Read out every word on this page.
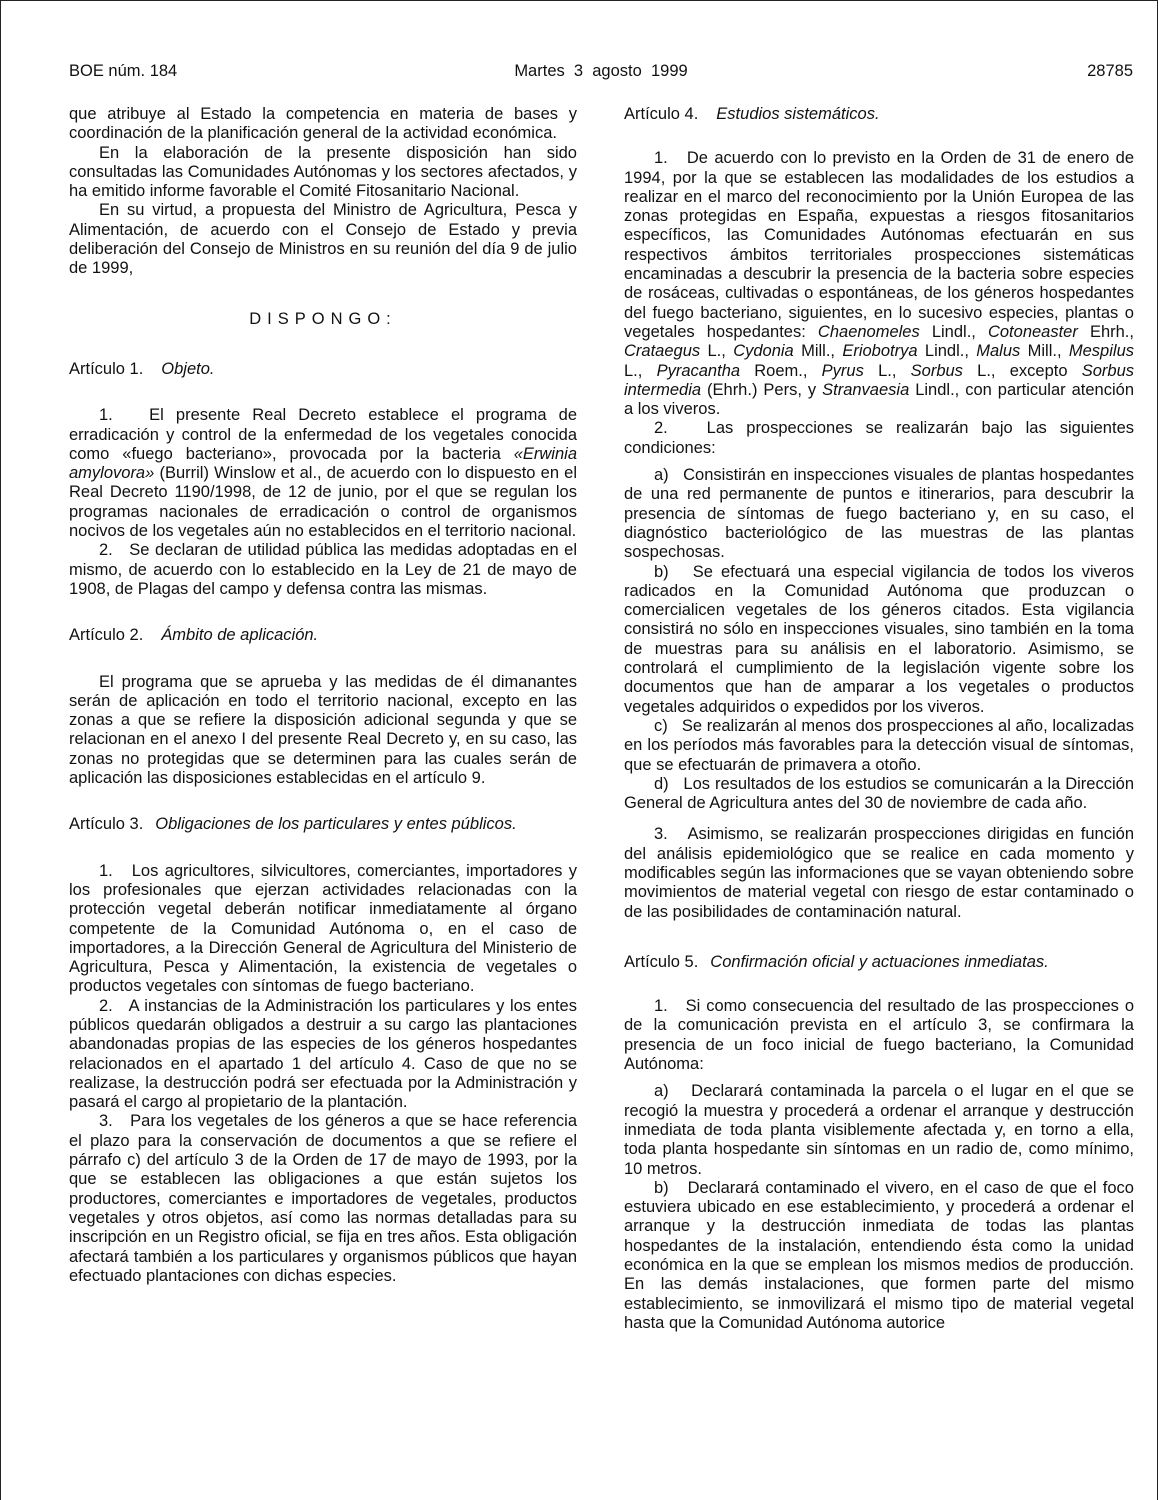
BOE núm. 184	Martes  3  agosto  1999	28785

que atribuye al Estado la competencia en materia de bases y coordinación de la planificación general de la actividad económica.

En la elaboración de la presente disposición han sido consultadas las Comunidades Autónomas y los sectores afectados, y ha emitido informe favorable el Comité Fitosanitario Nacional.

En su virtud, a propuesta del Ministro de Agricultura, Pesca y Alimentación, de acuerdo con el Consejo de Estado y previa deliberación del Consejo de Ministros en su reunión del día 9 de julio de 1999,

DISPONGO:

Artículo 1. Objeto.

1.   El presente Real Decreto establece el programa de erradicación y control de la enfermedad de los vegetales conocida como «fuego bacteriano», provocada por la bacteria «Erwinia amylovora» (Burril) Winslow et al., de acuerdo con lo dispuesto en el Real Decreto 1190/1998, de 12 de junio, por el que se regulan los programas nacionales de erradicación o control de organismos nocivos de los vegetales aún no establecidos en el territorio nacional.

2.   Se declaran de utilidad pública las medidas adoptadas en el mismo, de acuerdo con lo establecido en la Ley de 21 de mayo de 1908, de Plagas del campo y defensa contra las mismas.

Artículo 2. Ámbito de aplicación.

El programa que se aprueba y las medidas de él dimanantes serán de aplicación en todo el territorio nacional, excepto en las zonas a que se refiere la disposición adicional segunda y que se relacionan en el anexo I del presente Real Decreto y, en su caso, las zonas no protegidas que se determinen para las cuales serán de aplicación las disposiciones establecidas en el artículo 9.

Artículo 3. Obligaciones de los particulares y entes públicos.

1.   Los agricultores, silvicultores, comerciantes, importadores y los profesionales que ejerzan actividades relacionadas con la protección vegetal deberán notificar inmediatamente al órgano competente de la Comunidad Autónoma o, en el caso de importadores, a la Dirección General de Agricultura del Ministerio de Agricultura, Pesca y Alimentación, la existencia de vegetales o productos vegetales con síntomas de fuego bacteriano.

2.   A instancias de la Administración los particulares y los entes públicos quedarán obligados a destruir a su cargo las plantaciones abandonadas propias de las especies de los géneros hospedantes relacionados en el apartado 1 del artículo 4. Caso de que no se realizase, la destrucción podrá ser efectuada por la Administración y pasará el cargo al propietario de la plantación.

3.   Para los vegetales de los géneros a que se hace referencia el plazo para la conservación de documentos a que se refiere el párrafo c) del artículo 3 de la Orden de 17 de mayo de 1993, por la que se establecen las obligaciones a que están sujetos los productores, comerciantes e importadores de vegetales, productos vegetales y otros objetos, así como las normas detalladas para su inscripción en un Registro oficial, se fija en tres años. Esta obligación afectará también a los particulares y organismos públicos que hayan efectuado plantaciones con dichas especies.

Artículo 4. Estudios sistemáticos.

1.   De acuerdo con lo previsto en la Orden de 31 de enero de 1994, por la que se establecen las modalidades de los estudios a realizar en el marco del reconocimiento por la Unión Europea de las zonas protegidas en España, expuestas a riesgos fitosanitarios específicos, las Comunidades Autónomas efectuarán en sus respectivos ámbitos territoriales prospecciones sistemáticas encaminadas a descubrir la presencia de la bacteria sobre especies de rosáceas, cultivadas o espontáneas, de los géneros hospedantes del fuego bacteriano, siguientes, en lo sucesivo especies, plantas o vegetales hospedantes: Chaenomeles Lindl., Cotoneaster Ehrh., Crataegus L., Cydonia Mill., Eriobotrya Lindl., Malus Mill., Mespilus L., Pyracantha Roem., Pyrus L., Sorbus L., excepto Sorbus intermedia (Ehrh.) Pers, y Stranvaesia Lindl., con particular atención a los viveros.

2.   Las prospecciones se realizarán bajo las siguientes condiciones:

a)   Consistirán en inspecciones visuales de plantas hospedantes de una red permanente de puntos e itinerarios, para descubrir la presencia de síntomas de fuego bacteriano y, en su caso, el diagnóstico bacteriológico de las muestras de las plantas sospechosas.

b)   Se efectuará una especial vigilancia de todos los viveros radicados en la Comunidad Autónoma que produzcan o comercialicen vegetales de los géneros citados. Esta vigilancia consistirá no sólo en inspecciones visuales, sino también en la toma de muestras para su análisis en el laboratorio. Asimismo, se controlará el cumplimiento de la legislación vigente sobre los documentos que han de amparar a los vegetales o productos vegetales adquiridos o expedidos por los viveros.

c)   Se realizarán al menos dos prospecciones al año, localizadas en los períodos más favorables para la detección visual de síntomas, que se efectuarán de primavera a otoño.

d)   Los resultados de los estudios se comunicarán a la Dirección General de Agricultura antes del 30 de noviembre de cada año.

3.   Asimismo, se realizarán prospecciones dirigidas en función del análisis epidemiológico que se realice en cada momento y modificables según las informaciones que se vayan obteniendo sobre movimientos de material vegetal con riesgo de estar contaminado o de las posibilidades de contaminación natural.

Artículo 5. Confirmación oficial y actuaciones inmediatas.

1.   Si como consecuencia del resultado de las prospecciones o de la comunicación prevista en el artículo 3, se confirmara la presencia de un foco inicial de fuego bacteriano, la Comunidad Autónoma:

a)   Declarará contaminada la parcela o el lugar en el que se recogió la muestra y procederá a ordenar el arranque y destrucción inmediata de toda planta visiblemente afectada y, en torno a ella, toda planta hospedante sin síntomas en un radio de, como mínimo, 10 metros.

b)   Declarará contaminado el vivero, en el caso de que el foco estuviera ubicado en ese establecimiento, y procederá a ordenar el arranque y la destrucción inmediata de todas las plantas hospedantes de la instalación, entendiendo ésta como la unidad económica en la que se emplean los mismos medios de producción. En las demás instalaciones, que formen parte del mismo establecimiento, se inmovilizará el mismo tipo de material vegetal hasta que la Comunidad Autónoma autorice
